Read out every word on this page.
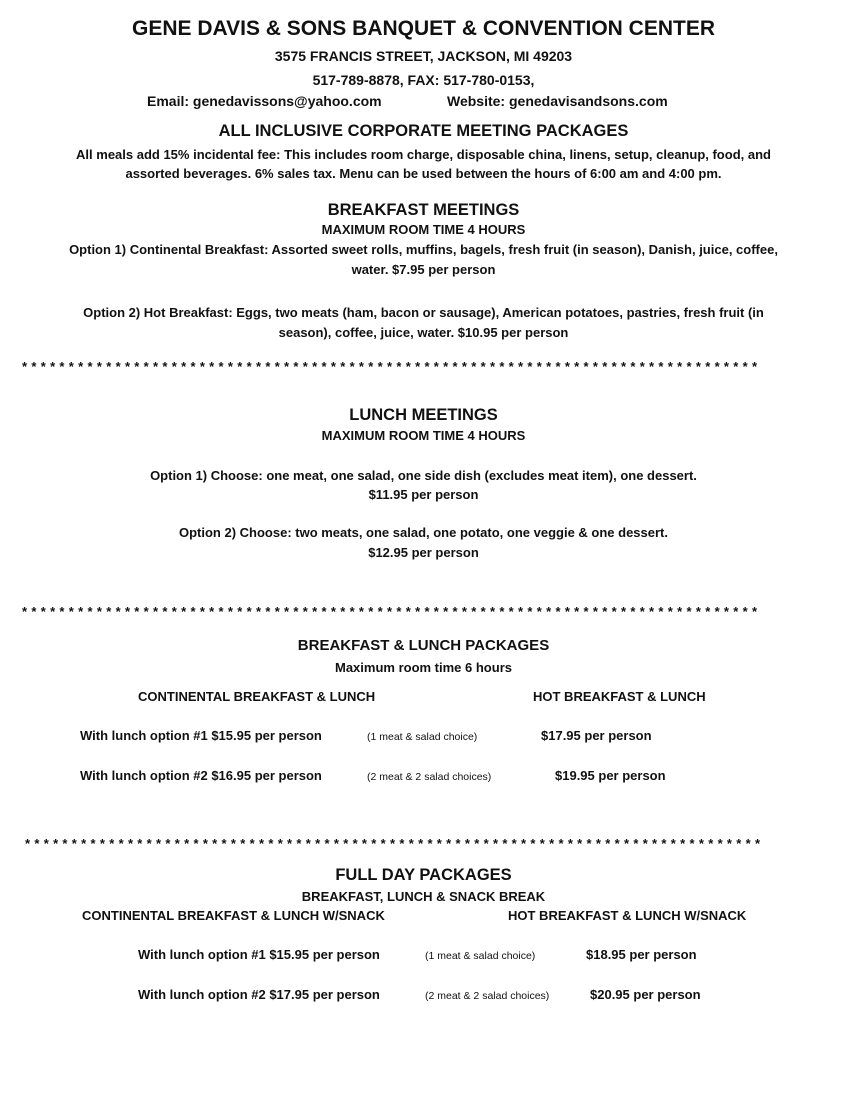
GENE DAVIS & SONS BANQUET & CONVENTION CENTER
3575 FRANCIS STREET, JACKSON, MI 49203
517-789-8878, FAX: 517-780-0153,
Email: genedavissons@yahoo.com	Website: genedavisandsons.com
ALL INCLUSIVE CORPORATE MEETING PACKAGES
All meals add 15% incidental fee: This includes room charge, disposable china, linens, setup, cleanup, food, and
assorted beverages. 6% sales tax. Menu can be used between the hours of 6:00 am and 4:00 pm.
BREAKFAST MEETINGS
MAXIMUM ROOM TIME 4 HOURS
Option 1) Continental Breakfast: Assorted sweet rolls, muffins, bagels, fresh fruit (in season), Danish, juice, coffee,
water. $7.95 per person
Option 2) Hot Breakfast: Eggs, two meats (ham, bacon or sausage), American potatoes, pastries, fresh fruit (in
season), coffee, juice, water. $10.95 per person
*******************************************************************************
LUNCH MEETINGS
MAXIMUM ROOM TIME 4 HOURS
Option 1) Choose: one meat, one salad, one side dish (excludes meat item), one dessert.
$11.95 per person
Option 2) Choose: two meats, one salad, one potato, one veggie & one dessert.
$12.95 per person
*******************************************************************************
BREAKFAST & LUNCH PACKAGES
Maximum room time 6 hours
CONTINENTAL BREAKFAST & LUNCH	HOT BREAKFAST & LUNCH
With lunch option #1 $15.95 per person	(1 meat & salad choice)	$17.95 per person
With lunch option #2 $16.95 per person	(2 meat & 2 salad choices)	$19.95 per person
*******************************************************************************
FULL DAY PACKAGES
BREAKFAST, LUNCH & SNACK BREAK
CONTINENTAL BREAKFAST & LUNCH W/SNACK	HOT BREAKFAST & LUNCH W/SNACK
With lunch option #1 $15.95 per person	(1 meat & salad choice)	$18.95 per person
With lunch option #2 $17.95 per person	(2 meat & 2 salad choices)	$20.95 per person
